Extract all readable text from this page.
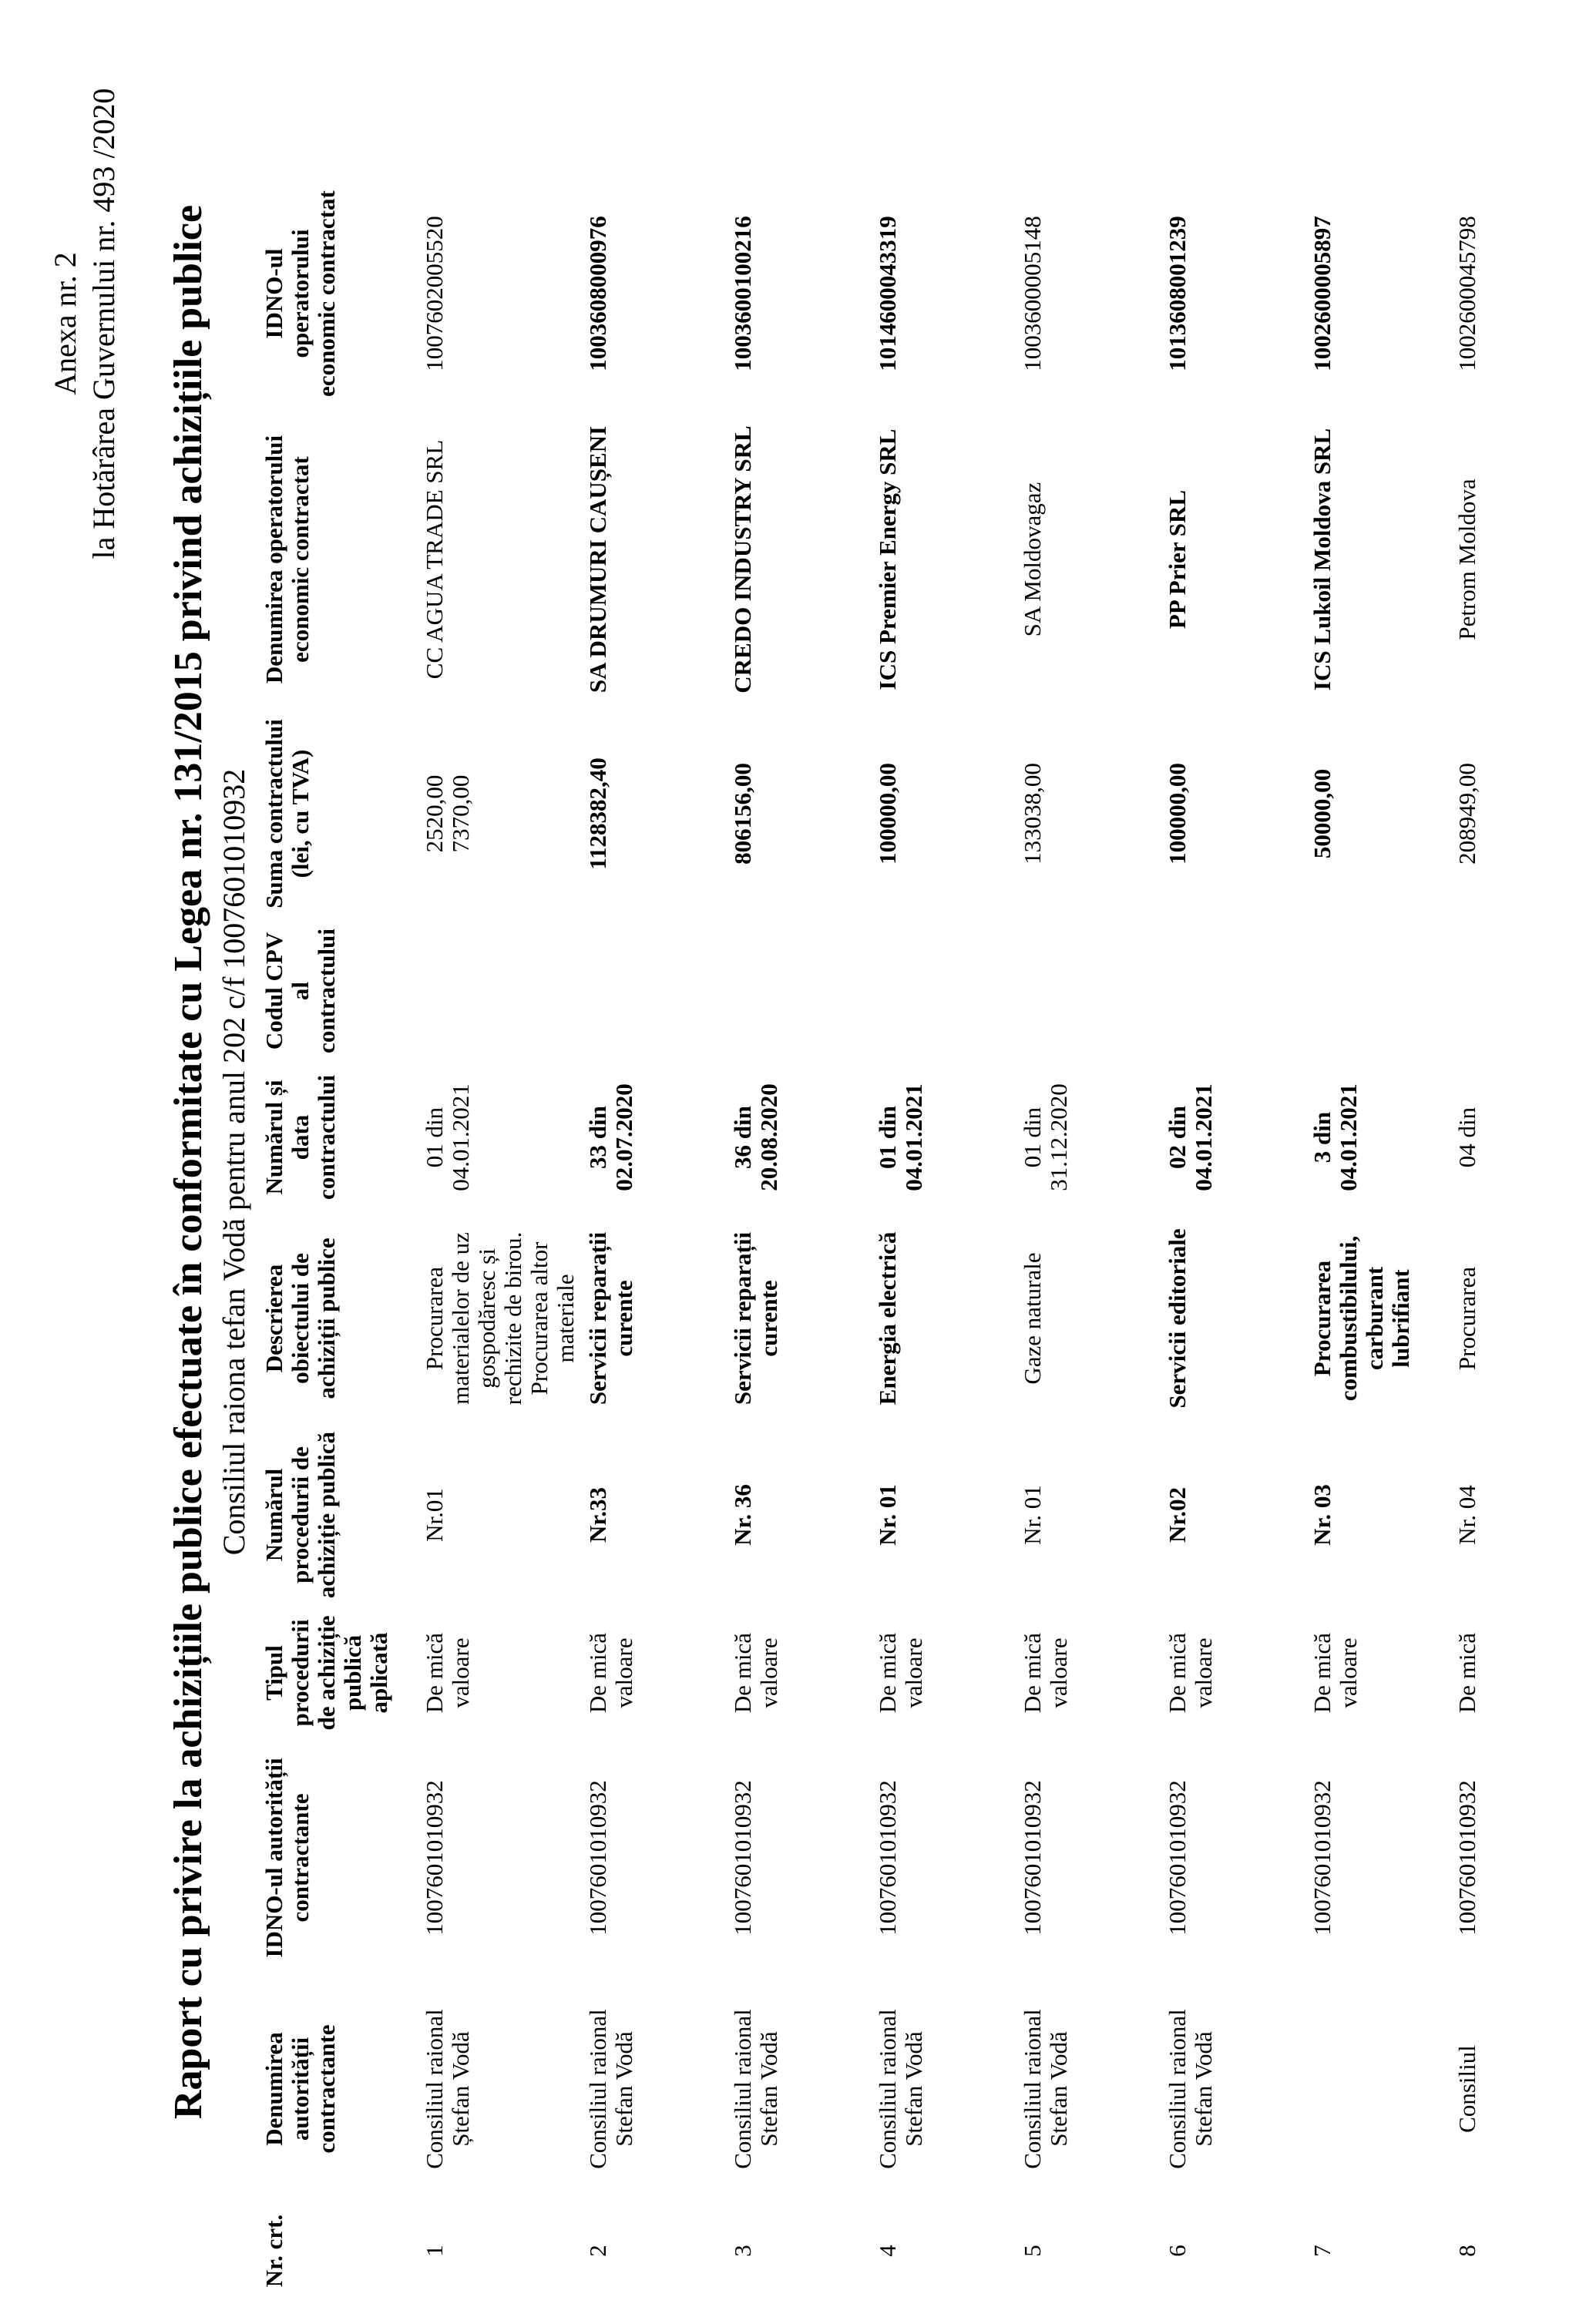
Anexa nr. 2 la Hotărârea Guvernului nr. 493 /2020 Raport cu privire la achizițiile publice efectuate în conformitate cu Legea nr. 131/2015 privind achizițiile publice Consiliul raiona tefan Vodă pentru anul 202 c/f 1007601010932
Nr. crt.	Denumirea autorității contractante	IDNO-ul autorității contractante	Tipul procedurii de achiziție publică aplicată	Numărul procedurii de achiziție publică	Descrierea obiectului de achiziții publice	Numărul și data contractului	Codul CPV al contractului	Suma contractului (lei, cu TVA)	Denumirea operatorului economic contractat	IDNO-ul operatorului economic contractat

1	Consiliul raional Ștefan Vodă	1007601010932	De mică valoare	Nr.01	Procurarea materialelor de uz gospodăresc și rechizite de birou. Procurarea altor materiale	01 din 04.01.2021		2520,00 7370,00	CC AGUA TRADE SRL	1007602005520

2	Consiliul raional Stefan Vodă	1007601010932	De mică valoare	Nr.33	Servicii reparații curente	33 din 02.07.2020		1128382,40	SA DRUMURI CAUȘENI	1003608000976

3	Consiliul raional Stefan Vodă	1007601010932	De mică valoare	Nr. 36	Servicii reparații curente	36 din 20.08.2020		806156,00	CREDO INDUSTRY SRL	1003600100216

4	Consiliul raional Stefan Vodă	1007601010932	De mică valoare	Nr. 01	Energia electrică	01 din 04.01.2021		100000,00	ICS Premier Energy SRL	1014600043319

5	Consiliul raional Stefan Vodă	1007601010932	De mică valoare	Nr. 01	Gaze naturale	01 din 31.12.2020		133038,00	SA Moldovagaz	1003600005148

6	Consiliul raional Stefan Vodă	1007601010932	De mică valoare	Nr.02	Servicii editoriale	02 din 04.01.2021		100000,00	PP Prier SRL	1013608001239

7		1007601010932	De mică valoare	Nr. 03	Procurarea combustibilului, carburant lubrifiant	3 din 04.01.2021		50000,00	ICS Lukoil Moldova SRL	1002600005897

8	Consiliul	1007601010932	De mică	Nr. 04	Procurarea	04 din		208949,00	Petrom Moldova	1002600045798
